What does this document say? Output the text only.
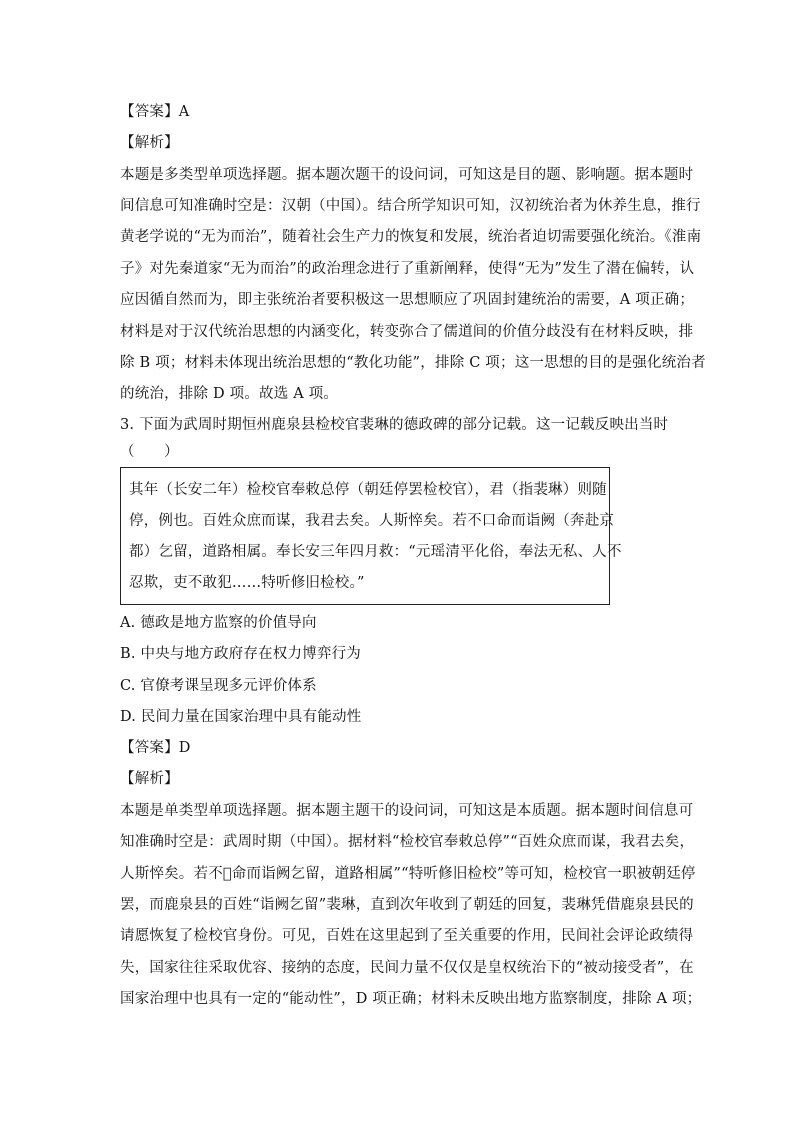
【答案】A
【解析】
本题是多类型单项选择题。据本题次题干的设问词，可知这是目的题、影响题。据本题时
间信息可知准确时空是：汉朝（中国）。结合所学知识可知，汉初统治者为休养生息，推行
黄老学说的“无为而治”，随着社会生产力的恢复和发展，统治者迫切需要强化统治。《淮南
子》对先秦道家“无为而治”的政治理念进行了重新阐释，使得“无为”发生了潜在偏转，认
应因循自然而为，即主张统治者要积极这一思想顺应了巩固封建统治的需要，A 项正确；
材料是对于汉代统治思想的内涵变化，转变弥合了儒道间的价值分歧没有在材料反映，排
除 B 项；材料未体现出统治思想的“教化功能”，排除 C 项；这一思想的目的是强化统治者
的统治，排除 D 项。故选 A 项。
3. 下面为武周时期恒州鹿泉县检校官裴琳的德政碑的部分记载。这一记载反映出当时
（　　）
其年（长安二年）检校官奉敕总停（朝廷停罢检校官），君（指裴琳）则随
停，例也。百姓众庶而谋，我君去矣。人斯悴矣。若不口命而诣阙（奔赴京
都）乞留，道路相属。奉长安三年四月救：“元瑶清平化俗，奉法无私、人不
忍欺，吏不敢犯……特听修旧检校。”
A. 德政是地方监察的价值导向
B. 中央与地方政府存在权力博弈行为
C. 官僚考课呈现多元评价体系
D. 民间力量在国家治理中具有能动性
【答案】D
【解析】
本题是单类型单项选择题。据本题主题干的设问词，可知这是本质题。据本题时间信息可
知准确时空是：武周时期（中国）。据材料“检校官奉敕总停”“百姓众庶而谋，我君去矣，
人斯悴矣。若不￿命而诣阙乞留，道路相属”“特听修旧检校”等可知，检校官一职被朝廷停
罢，而鹿泉县的百姓“诣阙乞留”裴琳，直到次年收到了朝廷的回复，裴琳凭借鹿泉县民的
请愿恢复了检校官身份。可见，百姓在这里起到了至关重要的作用，民间社会评论政绩得
失，国家往往采取优容、接纳的态度，民间力量不仅仅是皇权统治下的“被动接受者”，在
国家治理中也具有一定的“能动性”，D 项正确；材料未反映出地方监察制度，排除 A 项；
